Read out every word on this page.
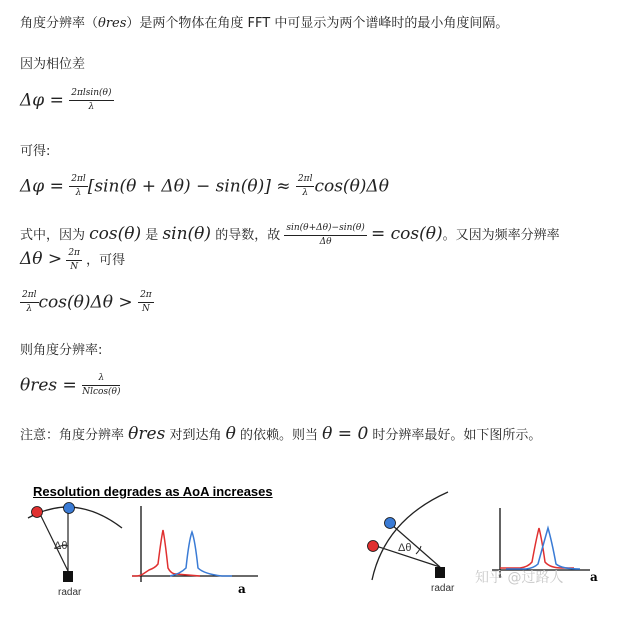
角度分辨率（θres）是两个物体在角度 FFT 中可显示为两个谱峰时的最小角度间隔。
因为相位差
$\Delta\varphi = \frac{2\pi lsin(\theta)}{\lambda}$
可得:
$\Delta\varphi = \frac{2\pi l}{\lambda} [\sin(\theta + \Delta\theta) - \sin(\theta)] \approx \frac{2\pi l}{\lambda} \cos(\theta)\Delta\theta$
式中，因为 cos(θ) 是 sin(θ) 的导数，故 $\frac{\sin(\theta+\Delta\theta)-\sin(\theta)}{\Delta\theta} = \cos(\theta)$。又因为频率分辨率
$\Delta\theta > \frac{2\pi}{N}$ ，可得
$\frac{2\pi l}{\lambda} \cos(\theta)\Delta\theta > \frac{2\pi}{N}$
则角度分辨率:
$\theta res = \frac{\lambda}{Nlcos(\theta)}$
注意：角度分辨率 θres 对到达角 θ 的依赖。则当 θ = 0 时分辨率最好。如下图所示。
Resolution degrades as AoA increases
Δθ	Δθ
radar	radar
a
a
知乎 @过路人
